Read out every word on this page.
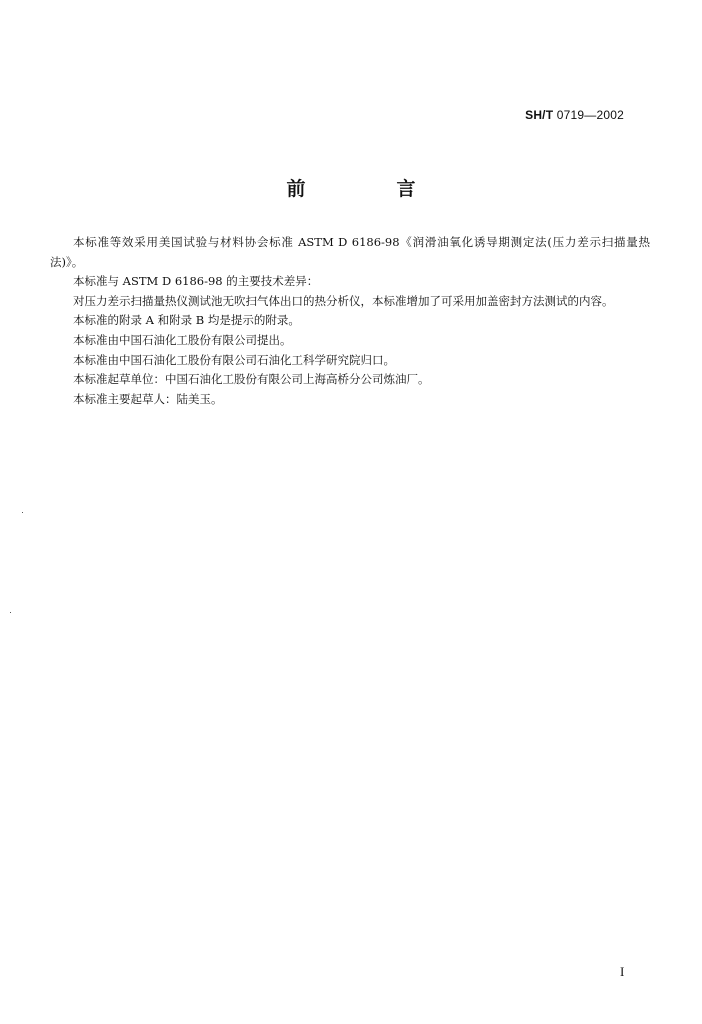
SH/T 0719—2002
前　言

本标准等效采用美国试验与材料协会标准 ASTM D 6186-98《润滑油氧化诱导期测定法(压力差示扫描量热法)》。

本标准与 ASTM D 6186-98 的主要技术差异：

对压力差示扫描量热仪测试池无吹扫气体出口的热分析仪，本标准增加了可采用加盖密封方法测试的内容。

本标准的附录 A 和附录 B 均是提示的附录。

本标准由中国石油化工股份有限公司提出。

本标准由中国石油化工股份有限公司石油化工科学研究院归口。

本标准起草单位：中国石油化工股份有限公司上海高桥分公司炼油厂。

本标准主要起草人：陆美玉。

I
